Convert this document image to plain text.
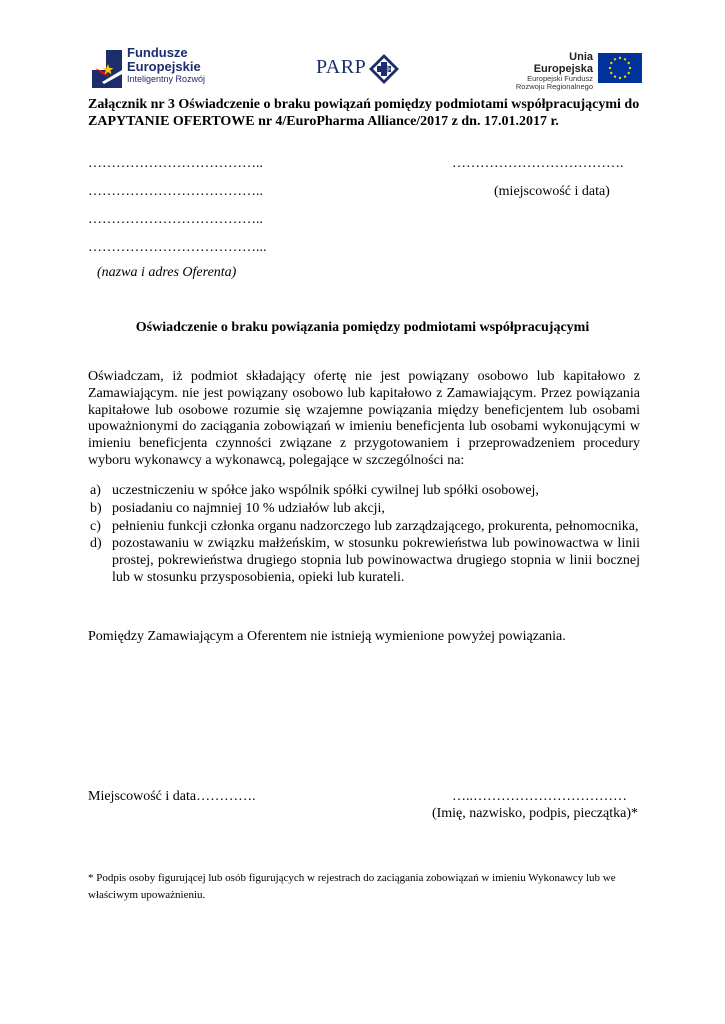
Fundusze
Europejskie
Inteligentny Rozwój
PARP	Unia Europejska
Europejski Fundusz
Rozwoju Regionalnego
Załącznik nr 3 Oświadczenie o braku powiązań pomiędzy podmiotami współpracującymi do ZAPYTANIE OFERTOWE nr 4/EuroPharma Alliance/2017 z dn. 17.01.2017 r.
………………………………..
………………………………..
………………………………..
………………………………...
(nazwa i adres Oferenta)
……………………………….
(miejscowość i data)
Oświadczenie o braku powiązania pomiędzy podmiotami współpracującymi
Oświadczam, iż podmiot składający ofertę nie jest powiązany osobowo lub kapitałowo z Zamawiającym. nie jest powiązany osobowo lub kapitałowo z Zamawiającym. Przez powiązania kapitałowe lub osobowe rozumie się wzajemne powiązania między beneficjentem lub osobami upoważnionymi do zaciągania zobowiązań w imieniu beneficjenta lub osobami wykonującymi w imieniu beneficjenta czynności związane z przygotowaniem i przeprowadzeniem procedury wyboru wykonawcy a wykonawcą, polegające w szczególności na:
a) uczestniczeniu w spółce jako wspólnik spółki cywilnej lub spółki osobowej,
b) posiadaniu co najmniej 10 % udziałów lub akcji,
c) pełnieniu funkcji członka organu nadzorczego lub zarządzającego, prokurenta, pełnomocnika,
d) pozostawaniu w związku małżeńskim, w stosunku pokrewieństwa lub powinowactwa w linii prostej, pokrewieństwa drugiego stopnia lub powinowactwa drugiego stopnia w linii bocznej lub w stosunku przysposobienia, opieki lub kurateli.
Pomiędzy Zamawiającym a Oferentem nie istnieją wymienione powyżej powiązania.
Miejscowość i data………….	…..……………………………
(Imię, nazwisko, podpis, pieczątka)*
* Podpis osoby figurującej lub osób figurujących w rejestrach do zaciągania zobowiązań w imieniu Wykonawcy lub we właściwym upoważnieniu.
